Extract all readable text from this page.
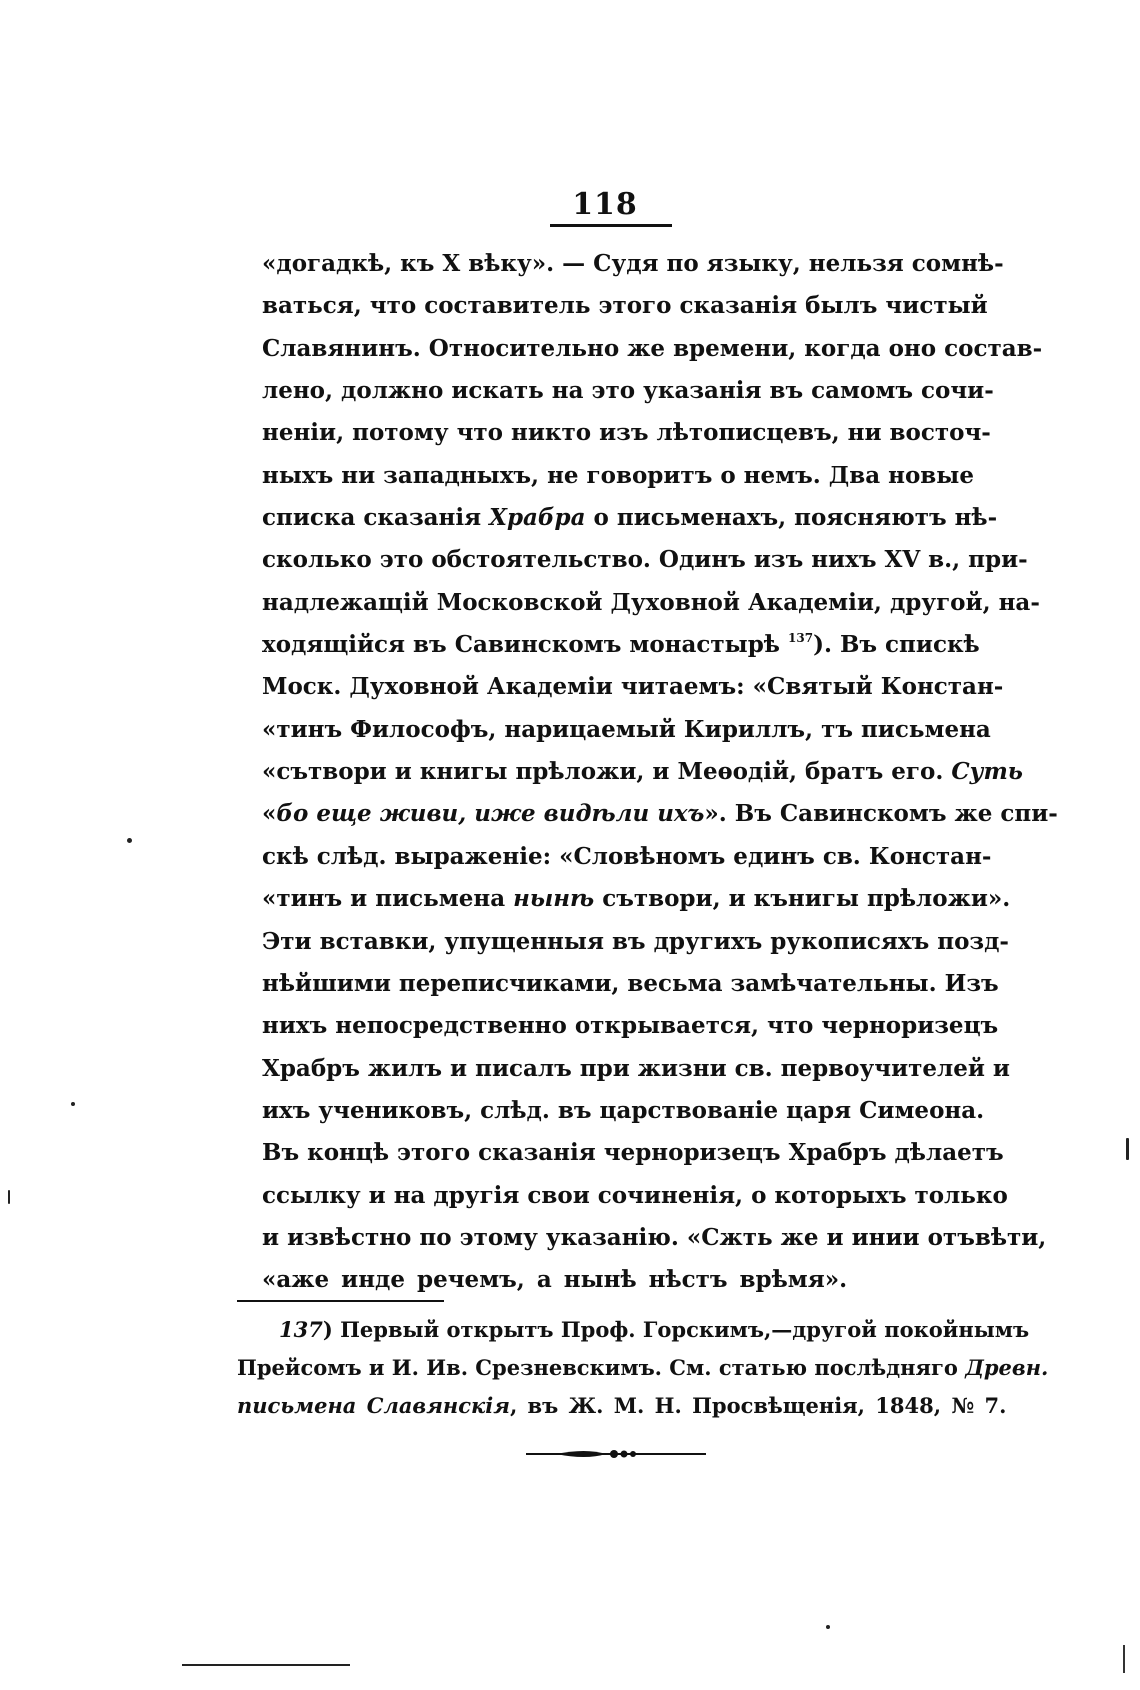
118
«догадкѣ, къ X вѣку». — Судя по языку, нельзя сомнѣ-
ваться, что составитель этого сказанія былъ чистый
Славянинъ. Относительно же времени, когда оно состав-
лено, должно искать на это указанія въ самомъ сочи-
неніи, потому что никто изъ лѣтописцевъ, ни восточ-
ныхъ ни западныхъ, не говоритъ о немъ. Два новые
списка сказанія Храбра о письменахъ, поясняютъ нѣ-
сколько это обстоятельство. Одинъ изъ нихъ XV в., при-
надлежащій Московской Духовной Академіи, другой, на-
ходящійся въ Савинскомъ монастырѣ $^{137}$). Въ спискѣ
Моск. Духовной Академіи читаемъ: «Святый Констан-
«тинъ Философъ, нарицаемый Кириллъ, тъ письмена
«сътвори и книгы прѣложи, и Меѳодій, братъ его. Суть
«бо еще живи, иже видѣли ихъ». Въ Савинскомъ же спи-
скѣ слѣд. выраженіе: «Словѣномъ единъ св. Констан-
«тинъ и письмена нынѣ сътвори, и кънигы прѣложи».
Эти вставки, упущенныя въ другихъ рукописяхъ позд-
нѣйшими переписчиками, весьма замѣчательны. Изъ
нихъ непосредственно открывается, что черноризецъ
Храбръ жилъ и писалъ при жизни св. первоучителей и
ихъ учениковъ, слѣд. въ царствованіе царя Симеона.
Въ концѣ этого сказанія черноризецъ Храбръ дѣлаетъ
ссылку и на другія свои сочиненія, о которыхъ только
и извѣстно по этому указанію. «Сжть же и инии отъвѣти,
«аже инде речемъ, а нынѣ нѣстъ врѣмя».
137) Первый открытъ Проф. Горскимъ,—другой покойнымъ
Прейсомъ и И. Ив. Срезневскимъ. См. статью послѣдняго Древн.
письмена Славянскія, въ Ж. М. Н. Просвѣщенія, 1848, № 7.
